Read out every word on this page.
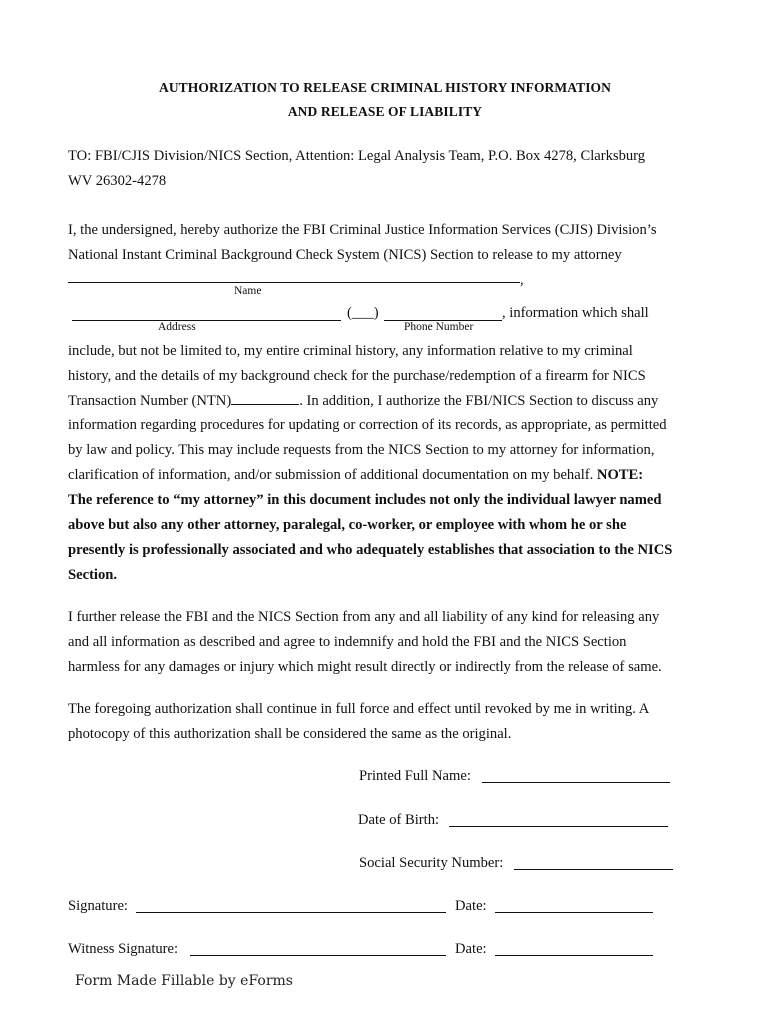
AUTHORIZATION TO RELEASE CRIMINAL HISTORY INFORMATION
AND RELEASE OF LIABILITY
TO: FBI/CJIS Division/NICS Section, Attention: Legal Analysis Team, P.O. Box 4278, Clarksburg
WV 26302-4278
I, the undersigned, hereby authorize the FBI Criminal Justice Information Services (CJIS) Division’s
National Instant Criminal Background Check System (NICS) Section to release to my attorney
,
Name
(___)	, information which shall
Address	Phone Number
include, but not be limited to, my entire criminal history, any information relative to my criminal
history, and the details of my background check for the purchase/redemption of a firearm for NICS
Transaction Number (NTN)	. In addition, I authorize the FBI/NICS Section to discuss any
information regarding procedures for updating or correction of its records, as appropriate, as permitted
by law and policy. This may include requests from the NICS Section to my attorney for information,
clarification of information, and/or submission of additional documentation on my behalf. NOTE:
The reference to “my attorney” in this document includes not only the individual lawyer named
above but also any other attorney, paralegal, co-worker, or employee with whom he or she
presently is professionally associated and who adequately establishes that association to the NICS
Section.
I further release the FBI and the NICS Section from any and all liability of any kind for releasing any
and all information as described and agree to indemnify and hold the FBI and the NICS Section
harmless for any damages or injury which might result directly or indirectly from the release of same.
The foregoing authorization shall continue in full force and effect until revoked by me in writing. A
photocopy of this authorization shall be considered the same as the original.
Printed Full Name:
Date of Birth:
Social Security Number:
Signature:	Date:
Witness Signature:	Date:
Form Made Fillable by eForms
